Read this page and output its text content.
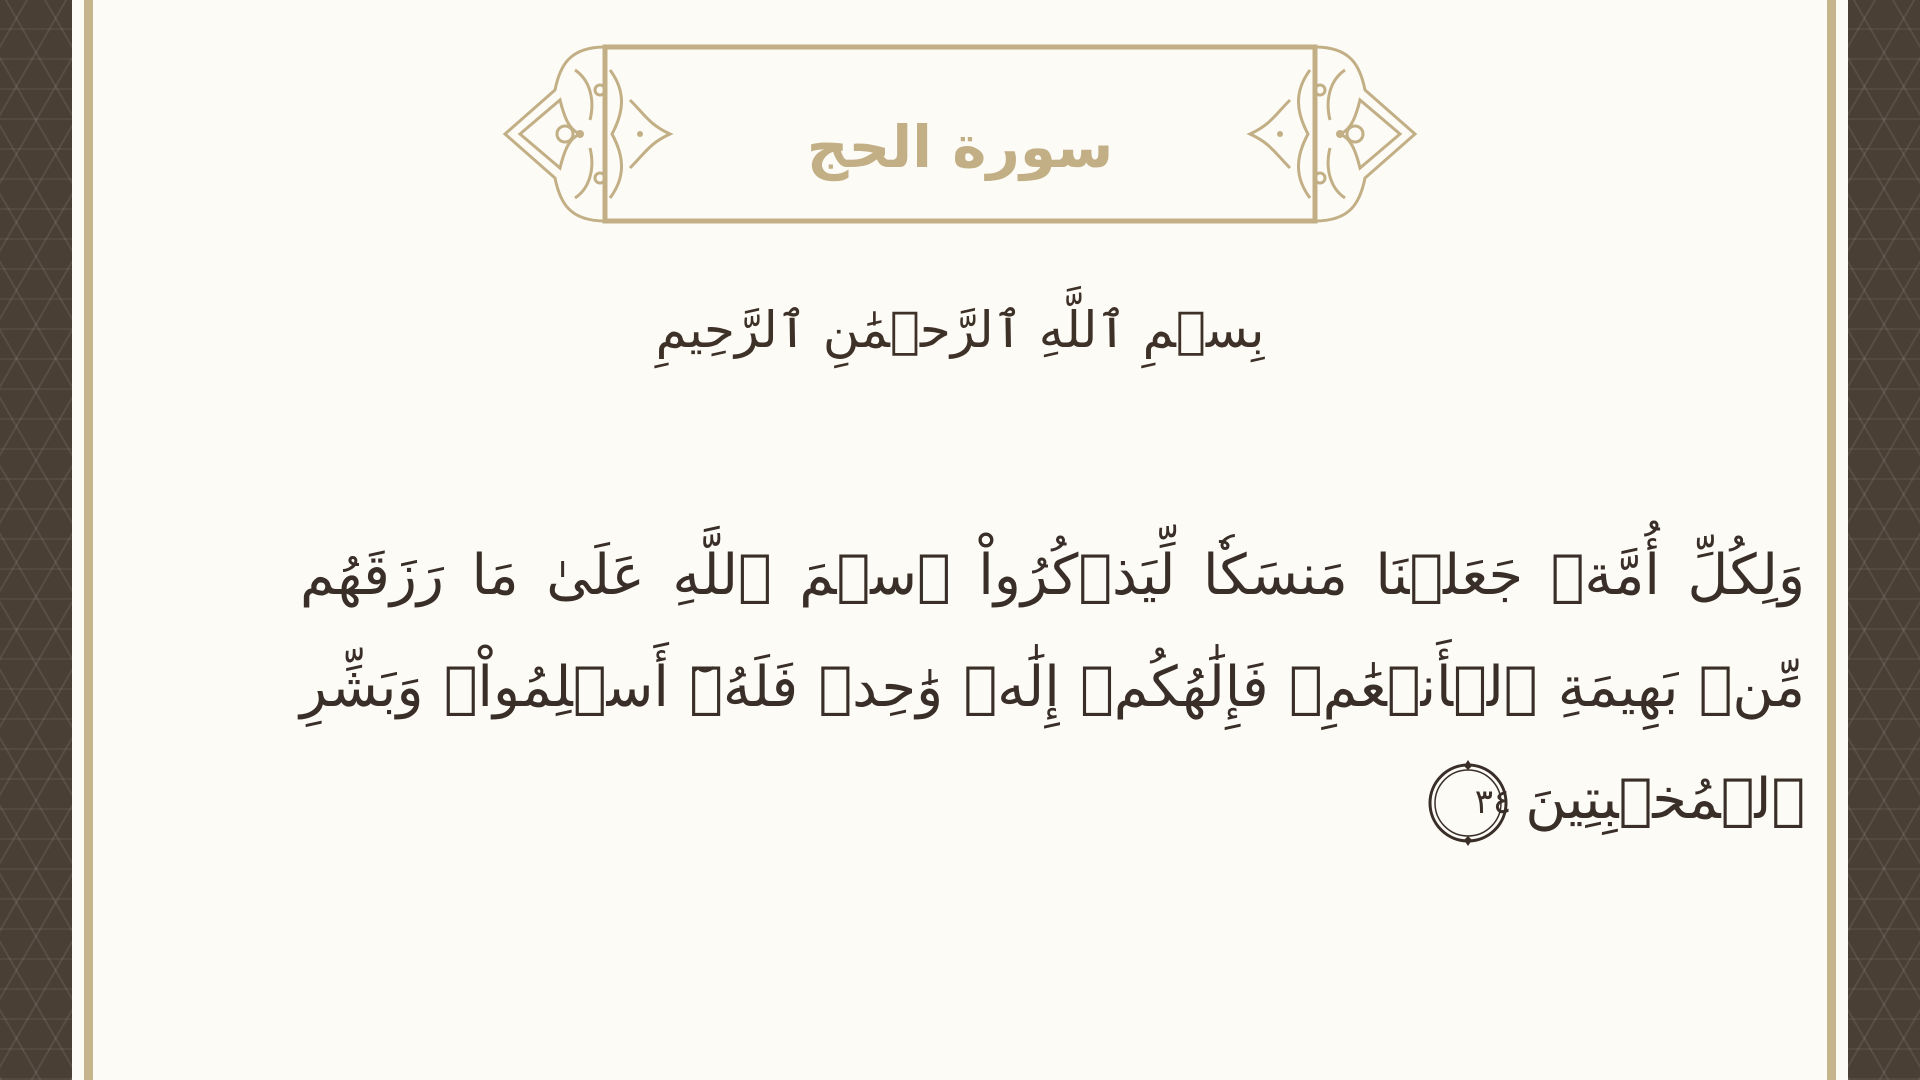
سورة الحج
بِسۡمِ ٱللَّهِ ٱلرَّحۡمَٰنِ ٱلرَّحِيمِ
وَلِكُلِّ أُمَّةٖ جَعَلۡنَا مَنسَكٗا لِّيَذۡكُرُواْ ٱسۡمَ ٱللَّهِ عَلَىٰ مَا رَزَقَهُم مِّنۢ بَهِيمَةِ ٱلۡأَنۡعَٰمِۗ فَإِلَٰهُكُمۡ إِلَٰهٞ وَٰحِدٞ فَلَهُۥٓ أَسۡلِمُواْۗ وَبَشِّرِ ٱلۡمُخۡبِتِينَ
٣٤
